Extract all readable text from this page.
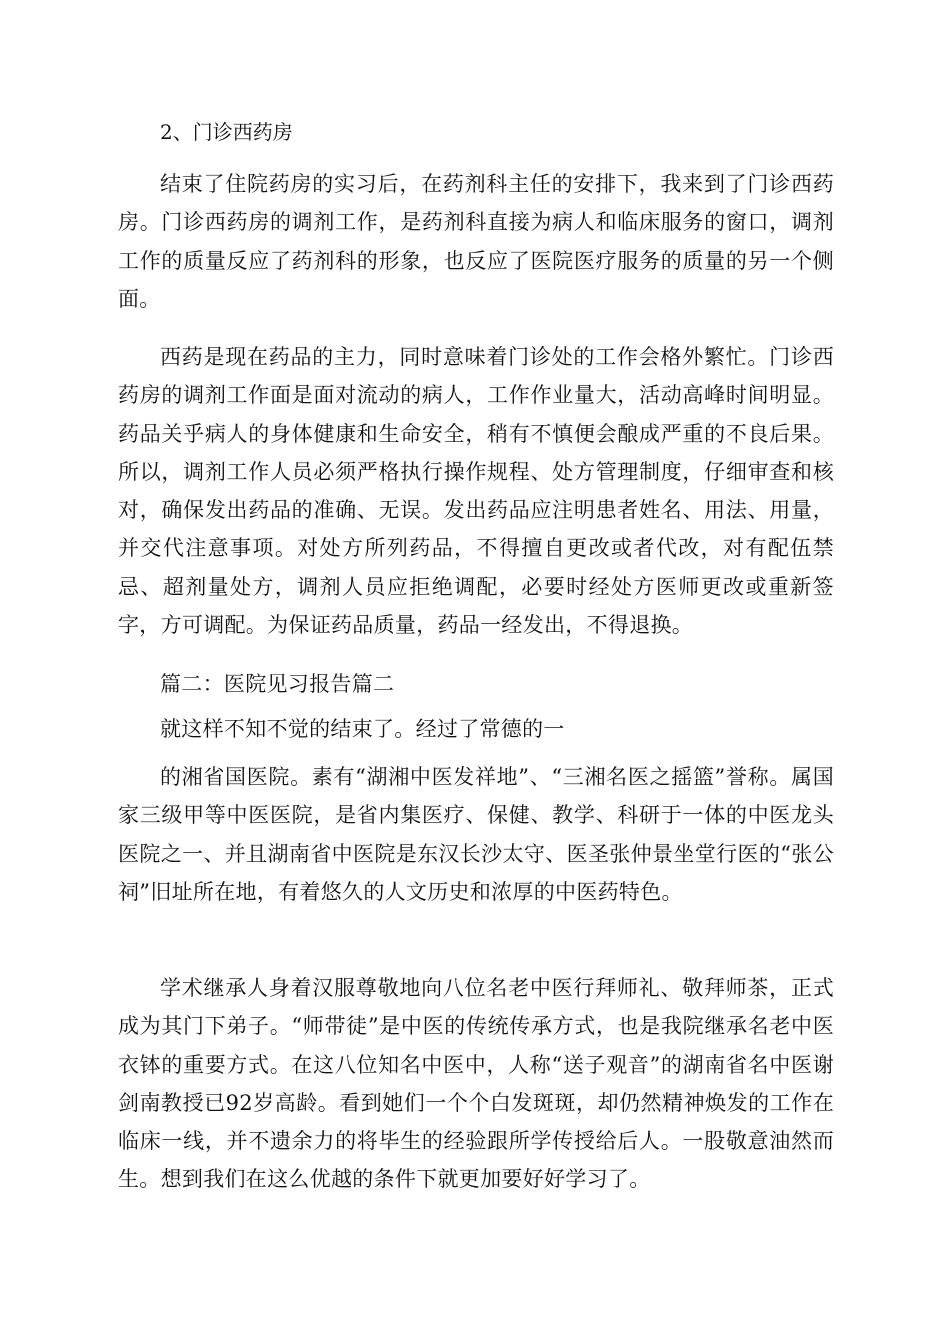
2、门诊西药房

结束了住院药房的实习后，在药剂科主任的安排下，我来到了门诊西药房。门诊西药房的调剂工作，是药剂科直接为病人和临床服务的窗口，调剂工作的质量反应了药剂科的形象，也反应了医院医疗服务的质量的另一个侧面。

西药是现在药品的主力，同时意味着门诊处的工作会格外繁忙。门诊西药房的调剂工作面是面对流动的病人，工作作业量大，活动高峰时间明显。药品关乎病人的身体健康和生命安全，稍有不慎便会酿成严重的不良后果。所以，调剂工作人员必须严格执行操作规程、处方管理制度，仔细审查和核对，确保发出药品的准确、无误。发出药品应注明患者姓名、用法、用量，并交代注意事项。对处方所列药品，不得擅自更改或者代改，对有配伍禁忌、超剂量处方，调剂人员应拒绝调配，必要时经处方医师更改或重新签字，方可调配。为保证药品质量，药品一经发出，不得退换。

篇二：医院见习报告篇二

就这样不知不觉的结束了。经过了常德的一

的湘省国医院。素有“湖湘中医发祥地”、“三湘名医之摇篮”誉称。属国家三级甲等中医医院，是省内集医疗、保健、教学、科研于一体的中医龙头医院之一、并且湖南省中医院是东汉长沙太守、医圣张仲景坐堂行医的“张公祠”旧址所在地，有着悠久的人文历史和浓厚的中医药特色。

学术继承人身着汉服尊敬地向八位名老中医行拜师礼、敬拜师茶，正式成为其门下弟子。“师带徒”是中医的传统传承方式，也是我院继承名老中医衣钵的重要方式。在这八位知名中医中，人称“送子观音”的湖南省名中医谢剑南教授已92岁高龄。看到她们一个个白发斑斑，却仍然精神焕发的工作在临床一线，并不遗余力的将毕生的经验跟所学传授给后人。一股敬意油然而生。想到我们在这么优越的条件下就更加要好好学习了。
